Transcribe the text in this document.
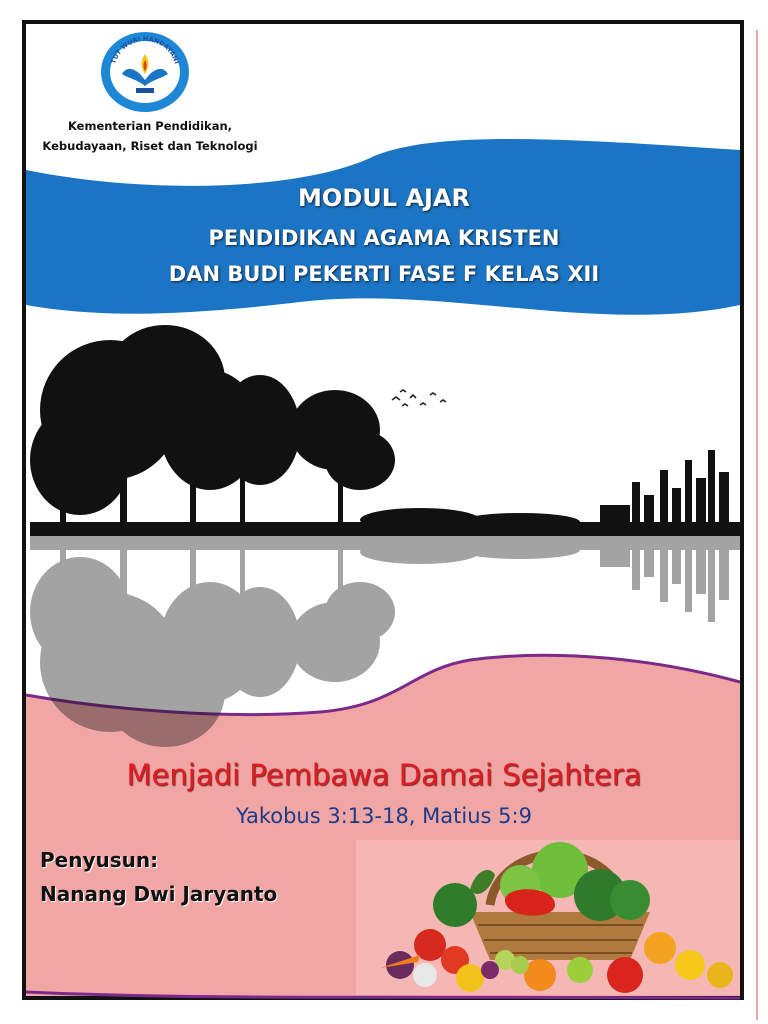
TUT WURI HANDAYANI
Kementerian Pendidikan,
Kebudayaan, Riset dan Teknologi
MODUL AJAR
PENDIDIKAN AGAMA KRISTEN
DAN BUDI PEKERTI FASE F KELAS XII
Menjadi Pembawa Damai Sejahtera
Yakobus 3:13-18, Matius 5:9
Penyusun:
Nanang Dwi Jaryanto
